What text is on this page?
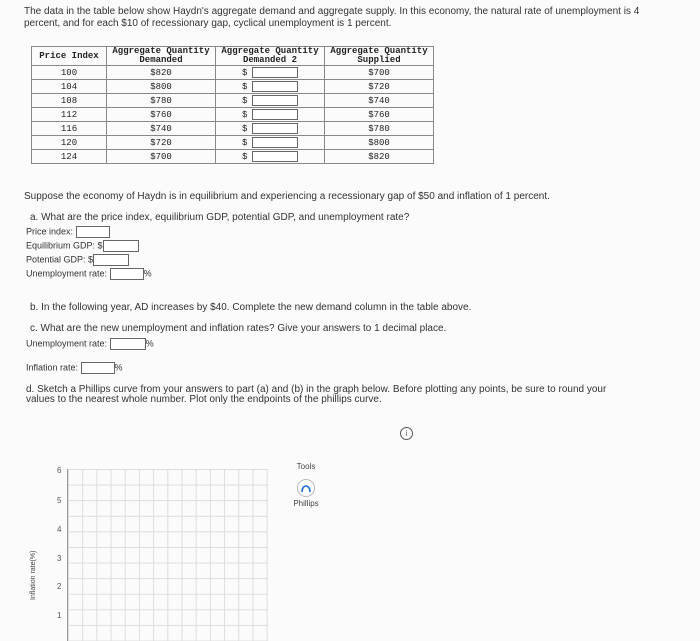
The data in the table below show Haydn's aggregate demand and aggregate supply. In this economy, the natural rate of unemployment is 4 percent, and for each $10 of recessionary gap, cyclical unemployment is 1 percent.
Price Index	Aggregate Quantity Demanded	Aggregate Quantity Demanded 2	Aggregate Quantity Supplied
100	$820	$	$700
104	$800	$	$720
108	$780	$	$740
112	$760	$	$760
116	$740	$	$780
120	$720	$	$800
124	$700	$	$820
Suppose the economy of Haydn is in equilibrium and experiencing a recessionary gap of $50 and inflation of 1 percent.
a. What are the price index, equilibrium GDP, potential GDP, and unemployment rate?
Price index:
Equilibrium GDP: $
Potential GDP: $
Unemployment rate:	%
b. In the following year, AD increases by $40. Complete the new demand column in the table above.
c. What are the new unemployment and inflation rates? Give your answers to 1 decimal place.
Unemployment rate:	%
Inflation rate:	%
d. Sketch a Phillips curve from your answers to part (a) and (b) in the graph below. Before plotting any points, be sure to round your values to the nearest whole number. Plot only the endpoints of the phillips curve.
i
Inflation rate(%)
6
5
4
3
2
1
Tools
Phillips
